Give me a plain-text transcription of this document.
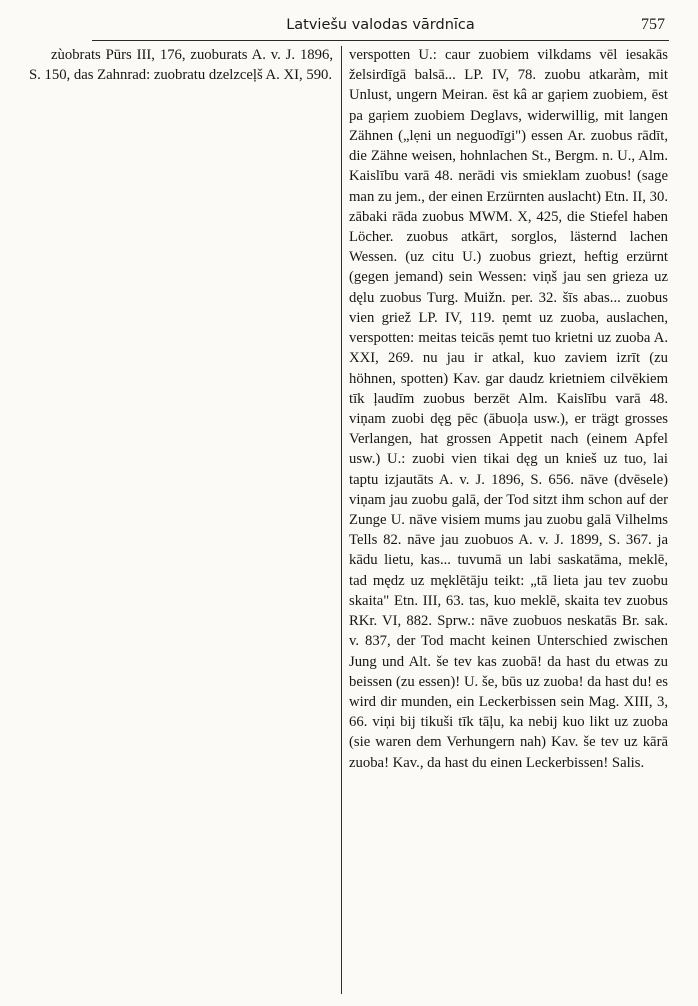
Latviešu valodas vārdnīca	757

zùobrats Pūrs III, 176, zuoburats A. v. J. 1896, S. 150, das Zahnrad: zuobratu dzelzceļš A. XI, 590.

verspotten U.: caur zuobiem vilkdams vēl iesakās želsirdīgā balsā... LP. IV, 78. zuobu atkaràm, mit Unlust, ungern Meiran. ēst kâ ar gaŗiem zuobiem, ēst pa gaŗiem zuobiem Deglavs, widerwillig, mit langen Zähnen („lẹni un neguodīgi") essen Ar. zuobus rādīt, die Zähne weisen, hohnlachen St., Bergm. n. U., Alm. Kaislību varā 48. nerādi vis smieklam zuobus! (sage man zu jem., der einen Erzürnten auslacht) Etn. II, 30. zābaki rāda zuobus MWM. X, 425, die Stiefel haben Löcher. zuobus atkārt, sorglos, lästernd lachen Wessen. (uz citu U.) zuobus griezt, heftig erzürnt (gegen jemand) sein Wessen: viņš jau sen grieza uz dęlu zuobus Turg. Muižn. per. 32. šīs abas... zuobus vien griež LP. IV, 119. ņemt uz zuoba, auslachen, verspotten: meitas teicās ņemt tuo krietni uz zuoba A. XXI, 269. nu jau ir atkal, kuo zaviem izrīt (zu höhnen, spotten) Kav. gar daudz krietniem cilvēkiem tīk ļaudīm zuobus berzēt Alm. Kaislību varā 48. viņam zuobi dęg pēc (ābuoļa usw.), er trägt grosses Verlangen, hat grossen Appetit nach (einem Apfel usw.) U.: zuobi vien tikai dęg un knieš uz tuo, lai taptu izjautāts A. v. J. 1896, S. 656. nāve (dvēsele) viņam jau zuobu galā, der Tod sitzt ihm schon auf der Zunge U. nāve visiem mums jau zuobu galā Vilhelms Tells 82. nāve jau zuobuos A. v. J. 1899, S. 367. ja kādu lietu, kas... tuvumā un labi saskatāma, meklē, tad mędz uz męklētāju teikt: „tā lieta jau tev zuobu skaita" Etn. III, 63. tas, kuo meklē, skaita tev zuobus RKr. VI, 882. Sprw.: nāve zuobuos neskatās Br. sak. v. 837, der Tod macht keinen Unterschied zwischen Jung und Alt. še tev kas zuobā! da hast du etwas zu beissen (zu essen)! U. še, būs uz zuoba! da hast du! es wird dir munden, ein Leckerbissen sein Mag. XIII, 3, 66. viņi bij tikuši tīk tāļu, ka nebij kuo likt uz zuoba (sie waren dem Verhungern nah) Kav. še tev uz kārā zuoba! Kav., da hast du einen Leckerbissen! Salis.
